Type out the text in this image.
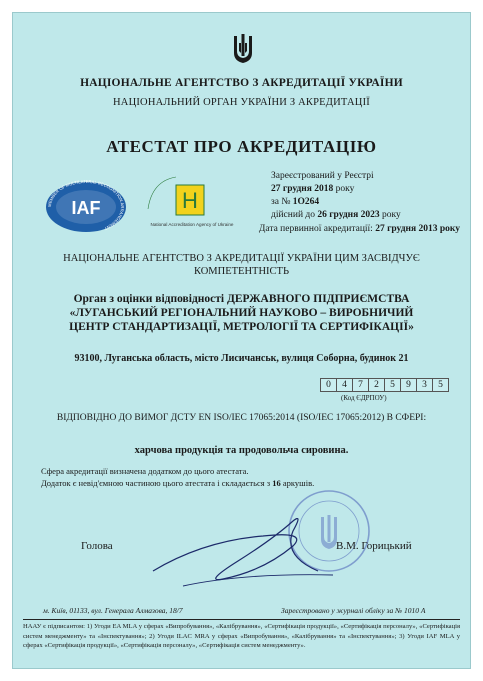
НАЦІОНАЛЬНЕ АГЕНТСТВО З АКРЕДИТАЦІЇ УКРАЇНИ
НАЦІОНАЛЬНИЙ ОРГАН УКРАЇНИ З АКРЕДИТАЦІЇ
АТЕСТАТ ПРО АКРЕДИТАЦІЮ
MEMBER OF MULTILATERAL RECOGNITION ARRANGEMENT
IAF	Н
National Accreditation Agency of Ukraine
Зареєстрований у Реєстрі
27 грудня 2018 року
за № 1О264
дійсний до 26 грудня 2023 року
Дата первинної акредитації: 27 грудня 2013 року
НАЦІОНАЛЬНЕ АГЕНТСТВО З АКРЕДИТАЦІЇ УКРАЇНИ ЦИМ ЗАСВІДЧУЄ КОМПЕТЕНТНІСТЬ
Орган з оцінки відповідності ДЕРЖАВНОГО ПІДПРИЄМСТВА
«ЛУГАНСЬКИЙ РЕГІОНАЛЬНИЙ НАУКОВО – ВИРОБНИЧИЙ
ЦЕНТР СТАНДАРТИЗАЦІЇ, МЕТРОЛОГІЇ ТА СЕРТИФІКАЦІЇ»
93100, Луганська область, місто Лисичанськ, вулиця Соборна, будинок 21
0	4	7	2	5	9	3	5
(Код ЄДРПОУ)
ВІДПОВІДНО ДО ВИМОГ ДСТУ EN ISO/IEC 17065:2014 (ISO/IEC 17065:2012) В СФЕРІ:
харчова продукція та продовольча сировина.
Сфера акредитації визначена додатком до цього атестата.
Додаток є невід'ємною частиною цього атестата і складається з 16 аркушів.
Голова	В.М. Горицький
м. Київ, 01133, вул. Генерала Алмазова, 18/7	Зареєстровано у журналі обліку за № 1010 А
НААУ є підписантом: 1) Угоди EA MLA у сферах «Випробування», «Калібрування», «Сертифікація продукції», «Сертифікація персоналу», «Сертифікація систем менеджменту» та «Інспектування»; 2) Угоди ILAC MRA у сферах «Випробування», «Калібрування» та «Інспектування»; 3) Угоди IAF MLA у сферах «Сертифікація продукції», «Сертифікація персоналу», «Сертифікація систем менеджменту».
